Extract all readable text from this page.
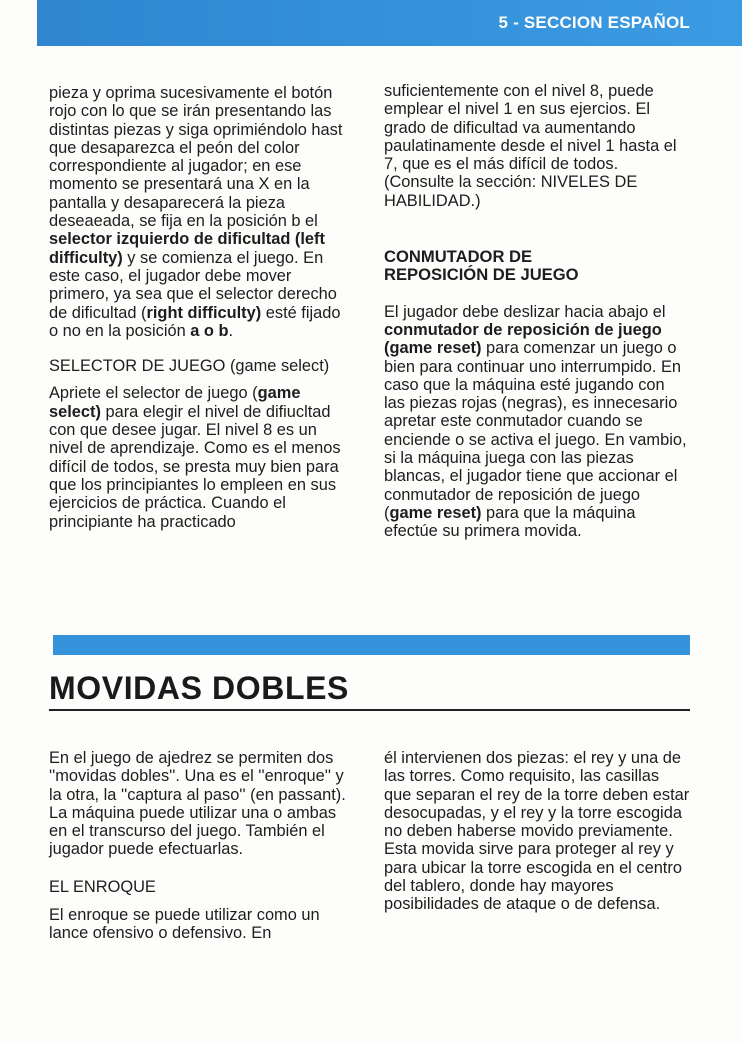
5 - SECCION ESPAÑOL

pieza y oprima sucesivamente el botón rojo con lo que se irán presentando las distintas piezas y siga oprimiéndolo hast que desaparezca el peón del color correspondiente al jugador; en ese momento se presentará una X en la pantalla y desaparecerá la pieza deseaeada, se fija en la posición b el selector izquierdo de dificultad (left difficulty) y se comienza el juego. En este caso, el jugador debe mover primero, ya sea que el selector derecho de dificultad (right difficulty) esté fijado o no en la posición a o b.

SELECTOR DE JUEGO (game select)

Apriete el selector de juego (game select) para elegir el nivel de difiucltad con que desee jugar. El nivel 8 es un nivel de aprendizaje. Como es el menos difícil de todos, se presta muy bien para que los principiantes lo empleen en sus ejercicios de práctica. Cuando el principiante ha practicado

suficientemente con el nivel 8, puede emplear el nivel 1 en sus ejercios. El grado de dificultad va aumentando paulatinamente desde el nivel 1 hasta el 7, que es el más difícil de todos. (Consulte la sección: NIVELES DE HABILIDAD.)

CONMUTADOR DE REPOSICIÓN DE JUEGO

El jugador debe deslizar hacia abajo el conmutador de reposición de juego (game reset) para comenzar un juego o bien para continuar uno interrumpido. En caso que la máquina esté jugando con las piezas rojas (negras), es innecesario apretar este conmutador cuando se enciende o se activa el juego. En vambio, si la máquina juega con las piezas blancas, el jugador tiene que accionar el conmutador de reposición de juego (game reset) para que la máquina efectúe su primera movida.

MOVIDAS DOBLES

En el juego de ajedrez se permiten dos ''movidas dobles''. Una es el ''enroque'' y la otra, la ''captura al paso'' (en passant). La máquina puede utilizar una o ambas en el transcurso del juego. También el jugador puede efectuarlas.

EL ENROQUE

El enroque se puede utilizar como un lance ofensivo o defensivo. En

él intervienen dos piezas: el rey y una de las torres. Como requisito, las casillas que separan el rey de la torre deben estar desocupadas, y el rey y la torre escogida no deben haberse movido previamente. Esta movida sirve para proteger al rey y para ubicar la torre escogida en el centro del tablero, donde hay mayores posibilidades de ataque o de defensa.
